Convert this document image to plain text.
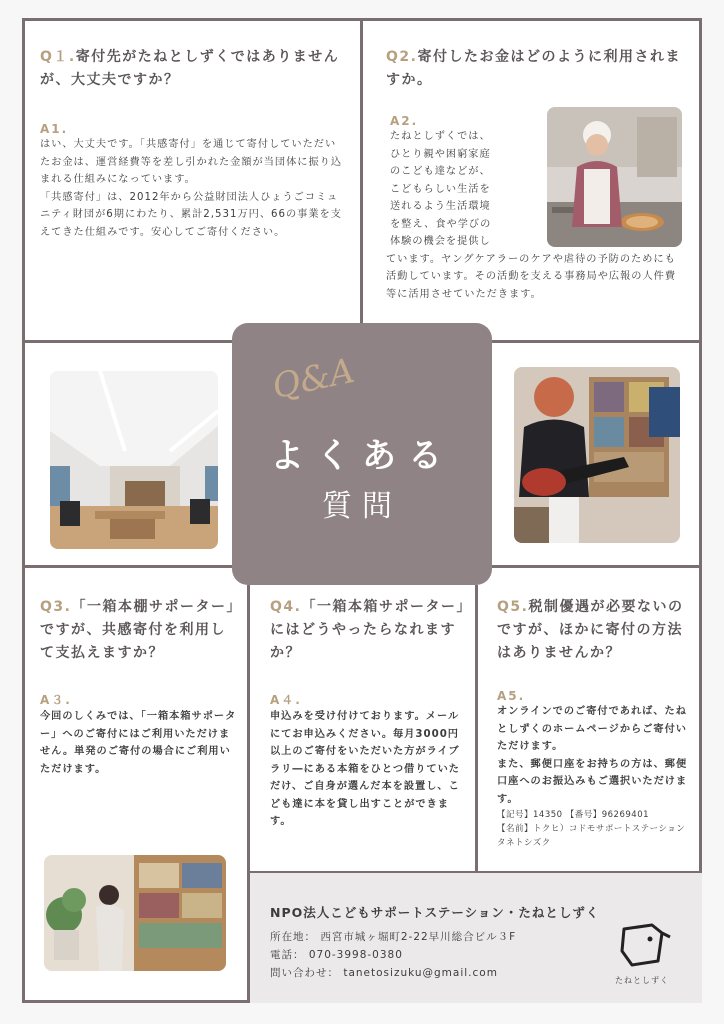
Q１.寄付先がたねとしずくではありませんが、大丈夫ですか？

A1.

はい、大丈夫です。「共感寄付」を通じて寄付していただいたお金は、運営経費等を差し引かれた金額が当団体に振り込まれる仕組みになっています。
「共感寄付」は、2012年から公益財団法人ひょうごコミュニティ財団が6期にわたり、累計2,531万円、66の事業を支えてきた仕組みです。安心してご寄付ください。

Q2.寄付したお金はどのように利用されますか。

A2.

たねとしずくでは、

ひとり親や困窮家庭

のこども達などが、

こどもらしい生活を

送れるよう生活環境

を整え、食や学びの

体験の機会を提供し

ています。ヤングケアラーのケアや虐待の予防のためにも活動しています。その活動を支える事務局や広報の人件費等に活用させていただきます。

Q&A
よくある
質問

Q3.「一箱本棚サポーター」ですが、共感寄付を利用して支払えますか？

A３.

今回のしくみでは、「一箱本箱サポーター」へのご寄付にはご利用いただけません。単発のご寄付の場合にご利用いただけます。

Q4.「一箱本箱サポーター」にはどうやったらなれますか？

A４.

申込みを受け付けております。メールにてお申込みください。毎月3000円以上のご寄付をいただいた方がライブラリ―にある本箱をひとつ借りていただけ、ご自身が選んだ本を設置し、こども達に本を貸し出すことができます。

Q5.税制優遇が必要ないのですが、ほかに寄付の方法はありませんか？

A5.

オンラインでのご寄付であれば、たねとしずくのホームページからご寄付いただけます。
また、郵便口座をお持ちの方は、郵便口座へのお振込みもご選択いただけます。

【記号】14350 【番号】96269401

【名前】トクヒ）コドモサポートステーション タネトシズク

NPO法人こどもサポートステーション・たねとしずく
所在地： 西宮市城ヶ堀町2-22早川総合ビル３F
電話： 070-3998-0380
問い合わせ： tanetosizuku@gmail.com
たねとしずく
